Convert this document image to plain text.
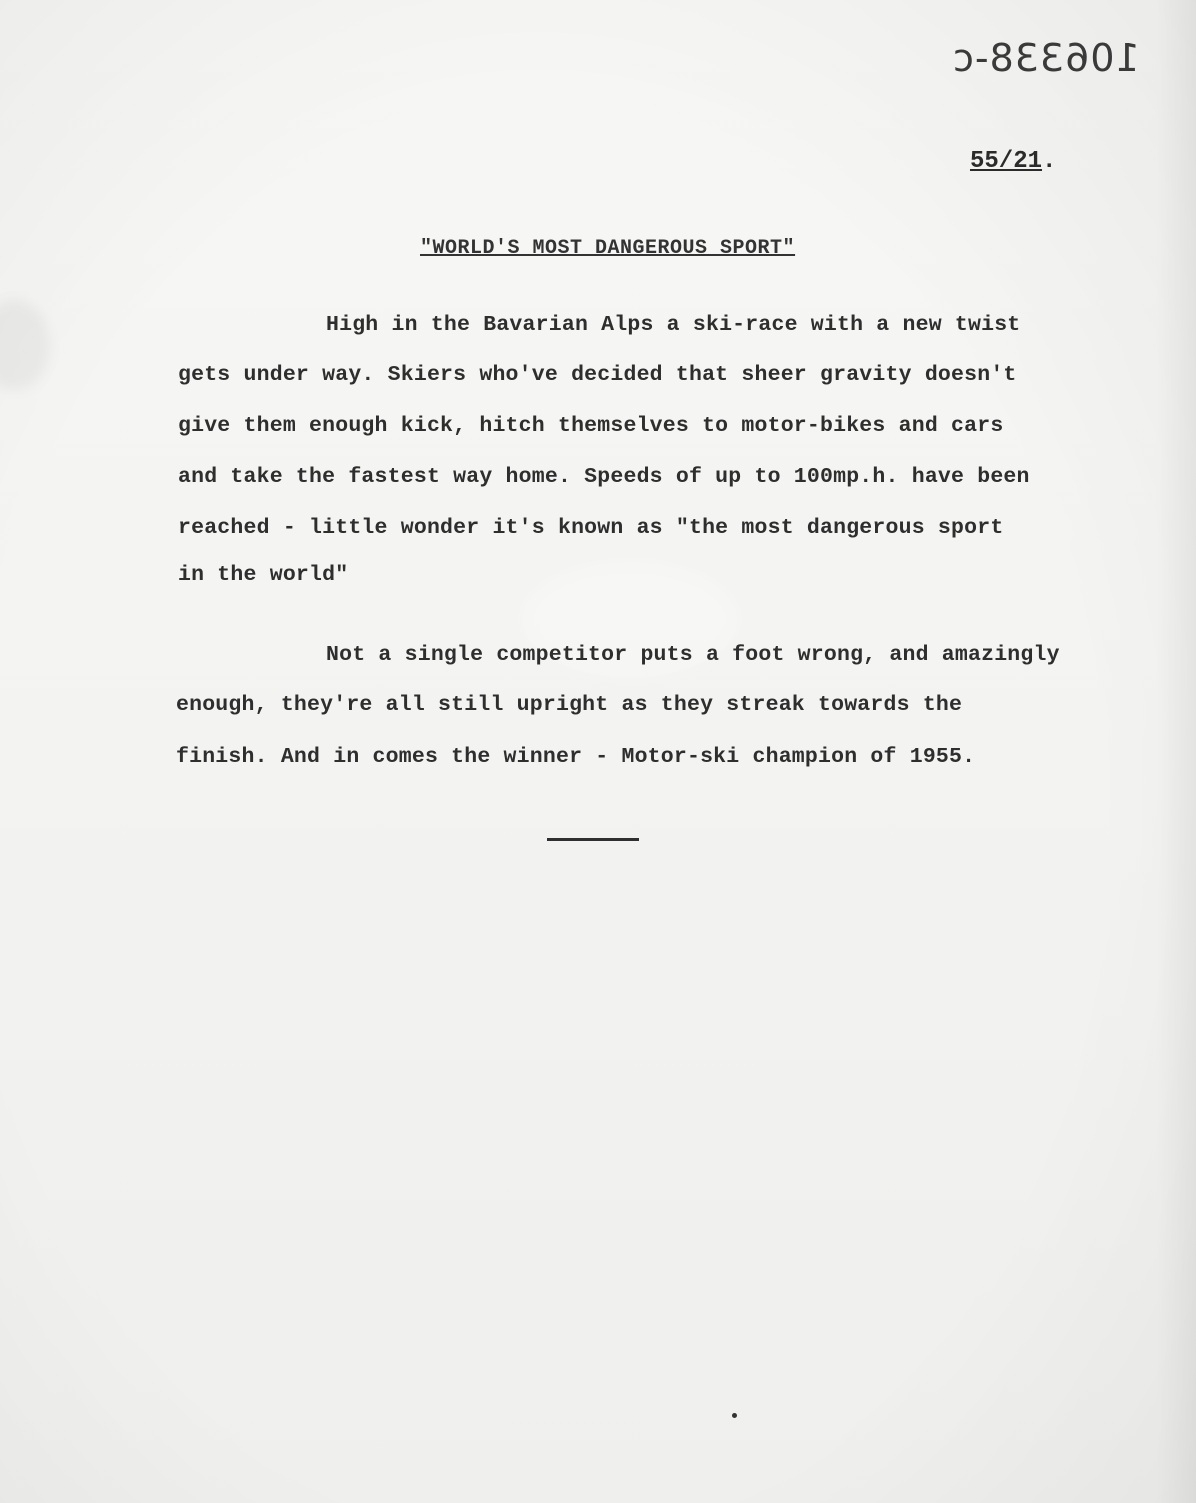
106338-c
55/21.
"WORLD'S MOST DANGEROUS SPORT"
High in the Bavarian Alps a ski-race with a new twist
gets under way. Skiers who've decided that sheer gravity doesn't
give them enough kick, hitch themselves to motor-bikes and cars
and take the fastest way home. Speeds of up to 100mp.h. have been
reached - little wonder it's known as "the most dangerous sport
in the world"
Not a single competitor puts a foot wrong, and amazingly
enough, they're all still upright as they streak towards the
finish. And in comes the winner - Motor-ski champion of 1955.
